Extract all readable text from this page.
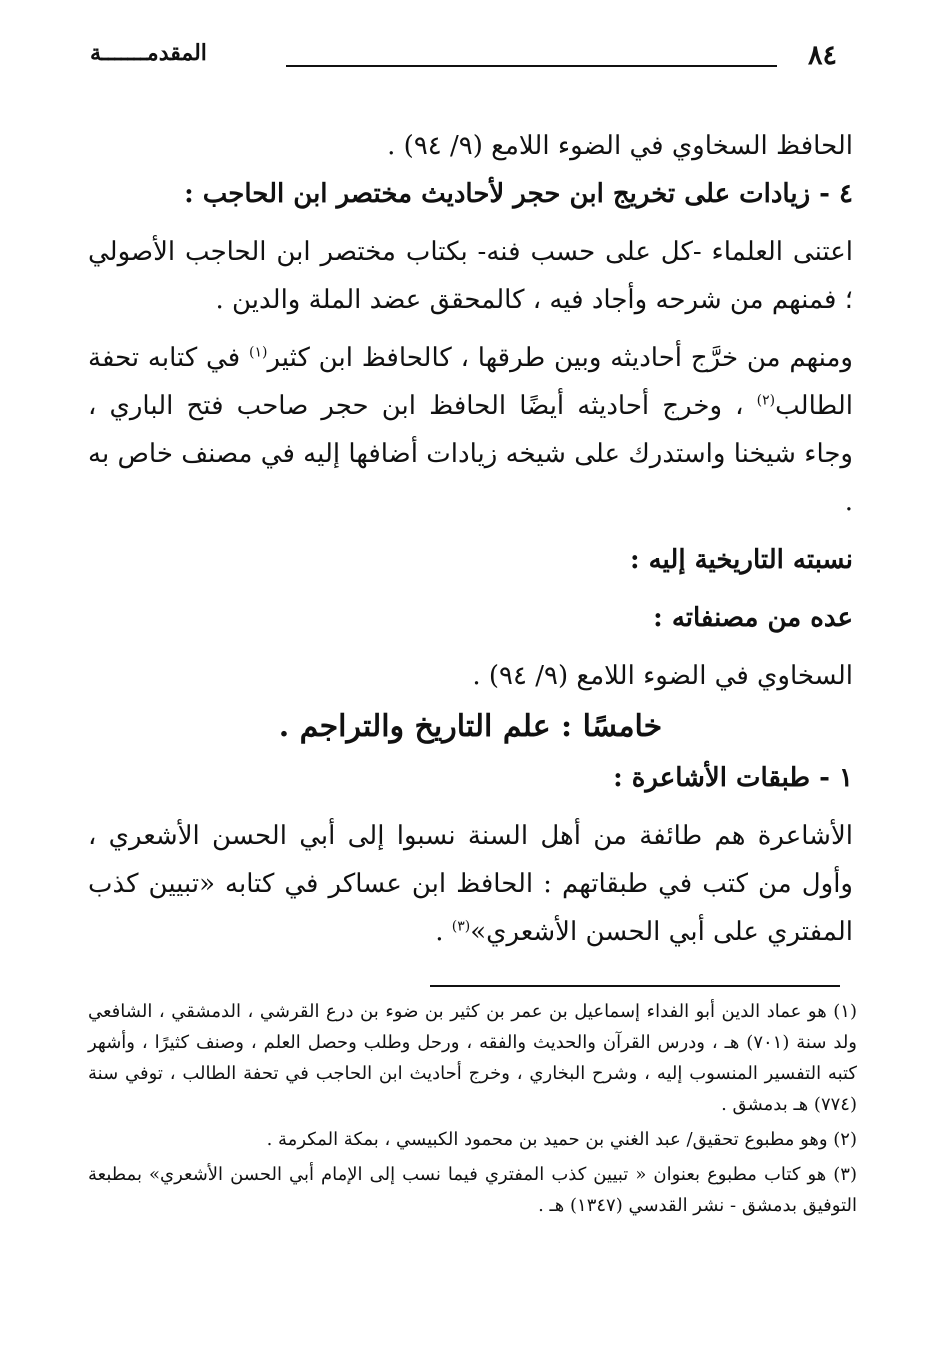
٨٤
المقدمـــــــة

الحافظ السخاوي في الضوء اللامع (٩/ ٩٤) .

٤ - زيادات على تخريج ابن حجر لأحاديث مختصر ابن الحاجب :

اعتنى العلماء -كل على حسب فنه- بكتاب مختصر ابن الحاجب الأصولي ؛ فمنهم من شرحه وأجاد فيه ، كالمحقق عضد الملة والدين .

ومنهم من خرَّج أحاديثه وبين طرقها ، كالحافظ ابن كثير$^{(١)}$ في كتابه تحفة الطالب$^{(٢)}$ ، وخرج أحاديثه أيضًا الحافظ ابن حجر صاحب فتح الباري ، وجاء شيخنا واستدرك على شيخه زيادات أضافها إليه في مصنف خاص به .

نسبته التاريخية إليه :

عده من مصنفاته :

السخاوي في الضوء اللامع (٩/ ٩٤) .

خامسًا : علم التاريخ والتراجم .

١ - طبقات الأشاعرة :

الأشاعرة هم طائفة من أهل السنة نسبوا إلى أبي الحسن الأشعري ، وأول من كتب في طبقاتهم : الحافظ ابن عساكر في كتابه «تبيين كذب المفتري على أبي الحسن الأشعري»$^{(٣)}$ .

(١) هو عماد الدين أبو الفداء إسماعيل بن عمر بن كثير بن ضوء بن درع القرشي ، الدمشقي ، الشافعي ولد سنة (٧٠١) هـ ، ودرس القرآن والحديث والفقه ، ورحل وطلب وحصل العلم ، وصنف كثيرًا ، وأشهر كتبه التفسير المنسوب إليه ، وشرح البخاري ، وخرج أحاديث ابن الحاجب في تحفة الطالب ، توفي سنة (٧٧٤) هـ بدمشق .

(٢) وهو مطبوع تحقيق/ عبد الغني بن حميد بن محمود الكبيسي ، بمكة المكرمة .

(٣) هو كتاب مطبوع بعنوان « تبيين كذب المفتري فيما نسب إلى الإمام أبي الحسن الأشعري» بمطبعة التوفيق بدمشق - نشر القدسي (١٣٤٧) هـ .
